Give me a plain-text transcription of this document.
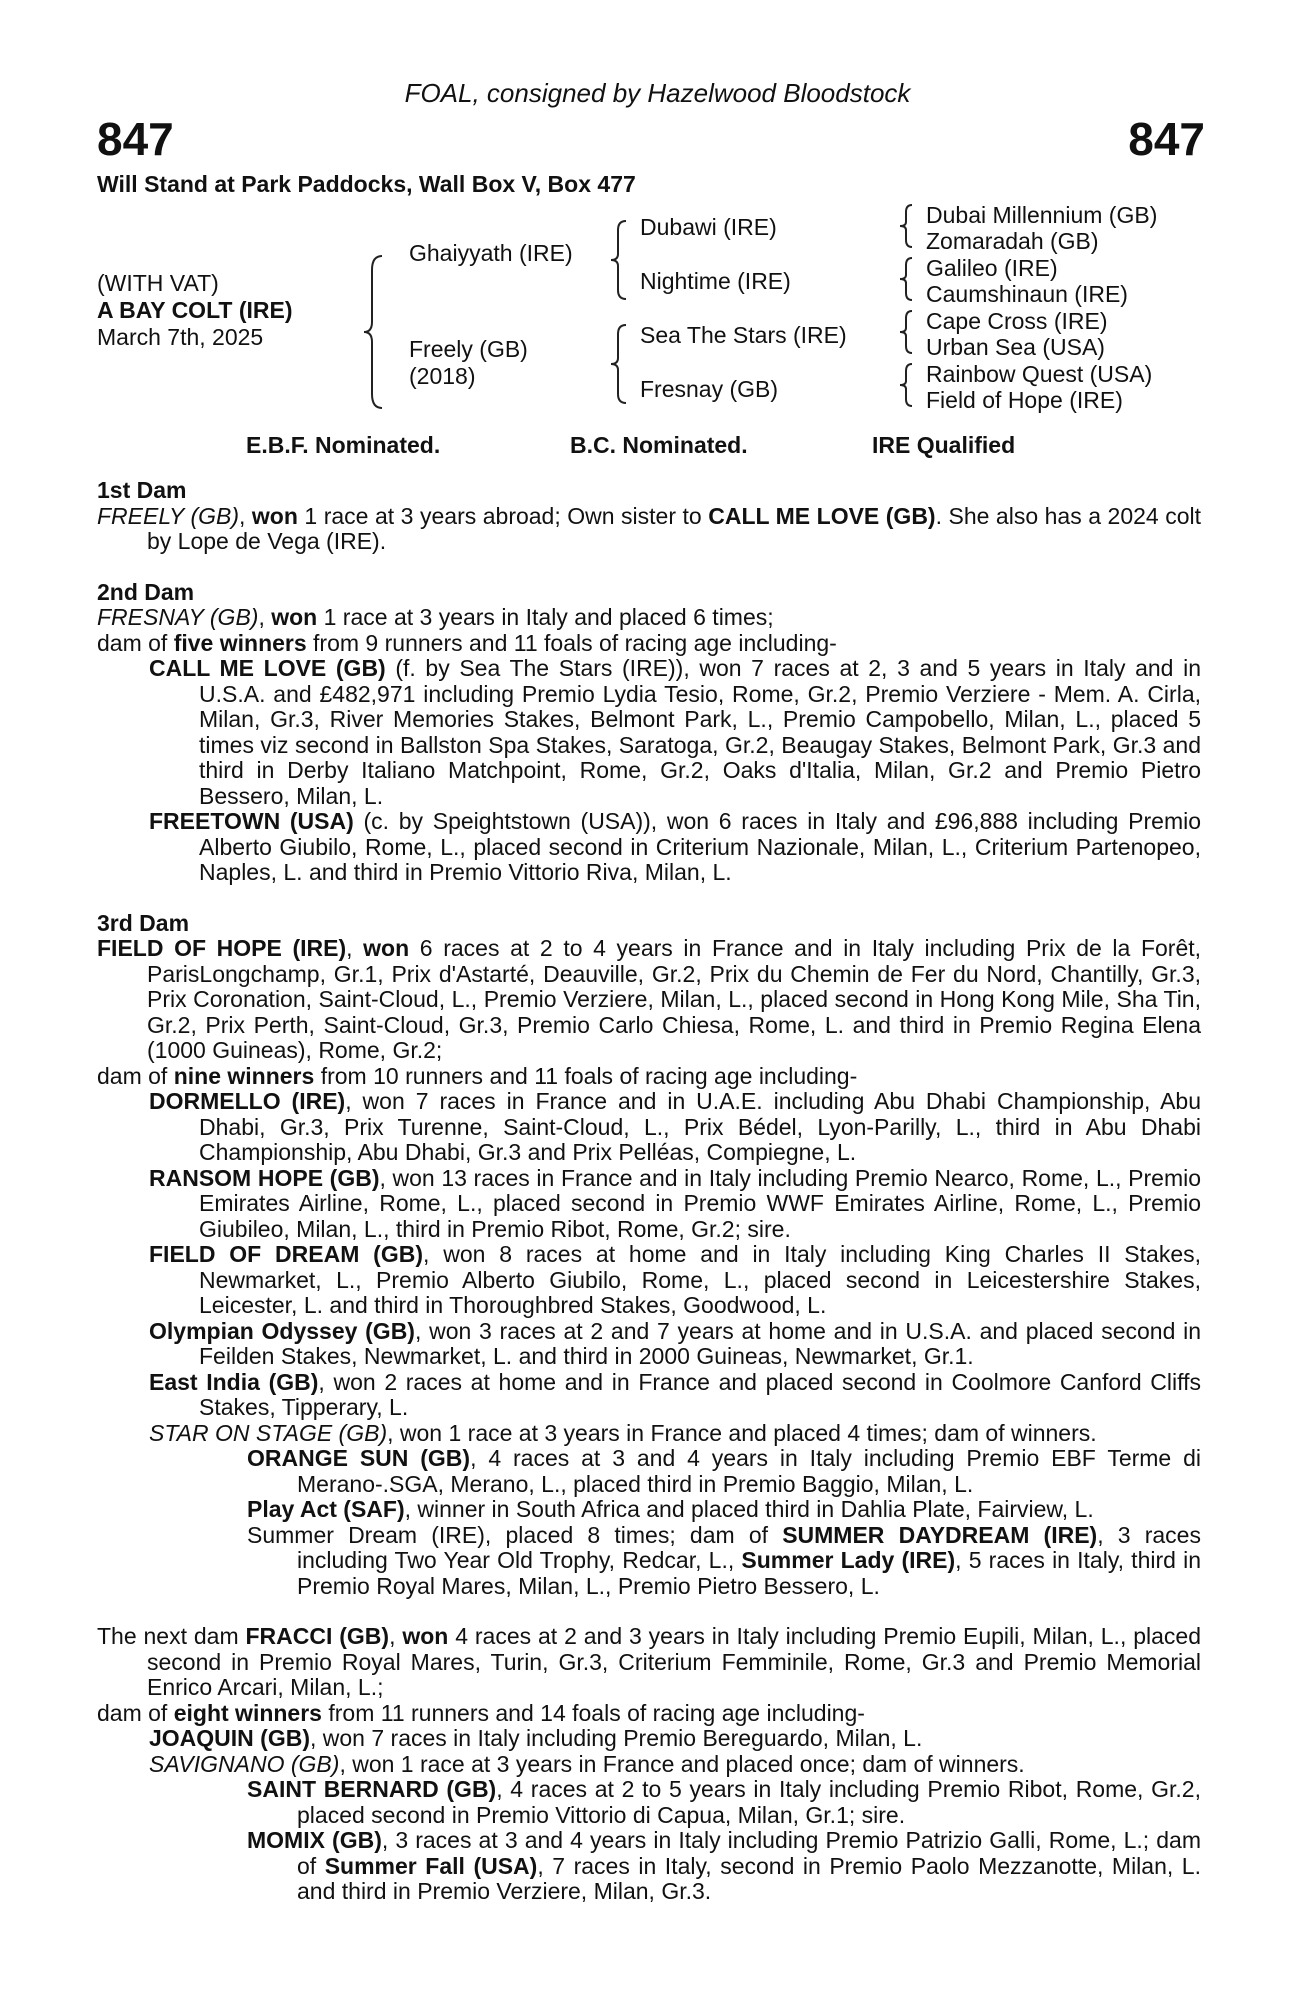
FOAL, consigned by Hazelwood Bloodstock
847	847
Will Stand at Park Paddocks, Wall Box V, Box 477
(WITH VAT)
A BAY COLT (IRE)
March 7th, 2025
Ghaiyyath (IRE)
Freely (GB)
(2018)
Dubawi (IRE)
Nightime (IRE)
Sea The Stars (IRE)
Fresnay (GB)
Dubai Millennium (GB)
Zomaradah (GB)
Galileo (IRE)
Caumshinaun (IRE)
Cape Cross (IRE)
Urban Sea (USA)
Rainbow Quest (USA)
Field of Hope (IRE)
E.B.F. Nominated.	B.C. Nominated.	IRE Qualified
1st Dam

FREELY (GB), won 1 race at 3 years abroad; Own sister to CALL ME LOVE (GB). She also has a 2024 colt by Lope de Vega (IRE).

2nd Dam

FRESNAY (GB), won 1 race at 3 years in Italy and placed 6 times;

dam of five winners from 9 runners and 11 foals of racing age including-

CALL ME LOVE (GB) (f. by Sea The Stars (IRE)), won 7 races at 2, 3 and 5 years in Italy and in U.S.A. and £482,971 including Premio Lydia Tesio, Rome, Gr.2, Premio Verziere - Mem. A. Cirla, Milan, Gr.3, River Memories Stakes, Belmont Park, L., Premio Campobello, Milan, L., placed 5 times viz second in Ballston Spa Stakes, Saratoga, Gr.2, Beaugay Stakes, Belmont Park, Gr.3 and third in Derby Italiano Matchpoint, Rome, Gr.2, Oaks d'Italia, Milan, Gr.2 and Premio Pietro Bessero, Milan, L.

FREETOWN (USA) (c. by Speightstown (USA)), won 6 races in Italy and £96,888 including Premio Alberto Giubilo, Rome, L., placed second in Criterium Nazionale, Milan, L., Criterium Partenopeo, Naples, L. and third in Premio Vittorio Riva, Milan, L.

3rd Dam

FIELD OF HOPE (IRE), won 6 races at 2 to 4 years in France and in Italy including Prix de la Forêt, ParisLongchamp, Gr.1, Prix d'Astarté, Deauville, Gr.2, Prix du Chemin de Fer du Nord, Chantilly, Gr.3, Prix Coronation, Saint-Cloud, L., Premio Verziere, Milan, L., placed second in Hong Kong Mile, Sha Tin, Gr.2, Prix Perth, Saint-Cloud, Gr.3, Premio Carlo Chiesa, Rome, L. and third in Premio Regina Elena (1000 Guineas), Rome, Gr.2;

dam of nine winners from 10 runners and 11 foals of racing age including-

DORMELLO (IRE), won 7 races in France and in U.A.E. including Abu Dhabi Championship, Abu Dhabi, Gr.3, Prix Turenne, Saint-Cloud, L., Prix Bédel, Lyon-Parilly, L., third in Abu Dhabi Championship, Abu Dhabi, Gr.3 and Prix Pelléas, Compiegne, L.

RANSOM HOPE (GB), won 13 races in France and in Italy including Premio Nearco, Rome, L., Premio Emirates Airline, Rome, L., placed second in Premio WWF Emirates Airline, Rome, L., Premio Giubileo, Milan, L., third in Premio Ribot, Rome, Gr.2; sire.

FIELD OF DREAM (GB), won 8 races at home and in Italy including King Charles II Stakes, Newmarket, L., Premio Alberto Giubilo, Rome, L., placed second in Leicestershire Stakes, Leicester, L. and third in Thoroughbred Stakes, Goodwood, L.

Olympian Odyssey (GB), won 3 races at 2 and 7 years at home and in U.S.A. and placed second in Feilden Stakes, Newmarket, L. and third in 2000 Guineas, Newmarket, Gr.1.

East India (GB), won 2 races at home and in France and placed second in Coolmore Canford Cliffs Stakes, Tipperary, L.

STAR ON STAGE (GB), won 1 race at 3 years in France and placed 4 times; dam of winners.

ORANGE SUN (GB), 4 races at 3 and 4 years in Italy including Premio EBF Terme di Merano-.SGA, Merano, L., placed third in Premio Baggio, Milan, L.

Play Act (SAF), winner in South Africa and placed third in Dahlia Plate, Fairview, L.

Summer Dream (IRE), placed 8 times; dam of SUMMER DAYDREAM (IRE), 3 races including Two Year Old Trophy, Redcar, L., Summer Lady (IRE), 5 races in Italy, third in Premio Royal Mares, Milan, L., Premio Pietro Bessero, L.

The next dam FRACCI (GB), won 4 races at 2 and 3 years in Italy including Premio Eupili, Milan, L., placed second in Premio Royal Mares, Turin, Gr.3, Criterium Femminile, Rome, Gr.3 and Premio Memorial Enrico Arcari, Milan, L.;

dam of eight winners from 11 runners and 14 foals of racing age including-

JOAQUIN (GB), won 7 races in Italy including Premio Bereguardo, Milan, L.

SAVIGNANO (GB), won 1 race at 3 years in France and placed once; dam of winners.

SAINT BERNARD (GB), 4 races at 2 to 5 years in Italy including Premio Ribot, Rome, Gr.2, placed second in Premio Vittorio di Capua, Milan, Gr.1; sire.

MOMIX (GB), 3 races at 3 and 4 years in Italy including Premio Patrizio Galli, Rome, L.; dam of Summer Fall (USA), 7 races in Italy, second in Premio Paolo Mezzanotte, Milan, L. and third in Premio Verziere, Milan, Gr.3.
